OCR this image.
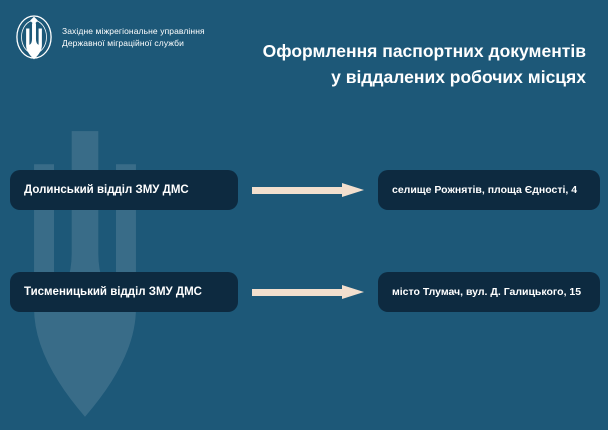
Західне міжрегіональне управління
Державної міграційної служби	Оформлення паспортних документів
у віддалених робочих місцях
Долинський відділ ЗМУ ДМС	селище Рожнятів, площа Єдності, 4
Тисменицький відділ ЗМУ ДМС	місто Тлумач, вул. Д. Галицького, 15
